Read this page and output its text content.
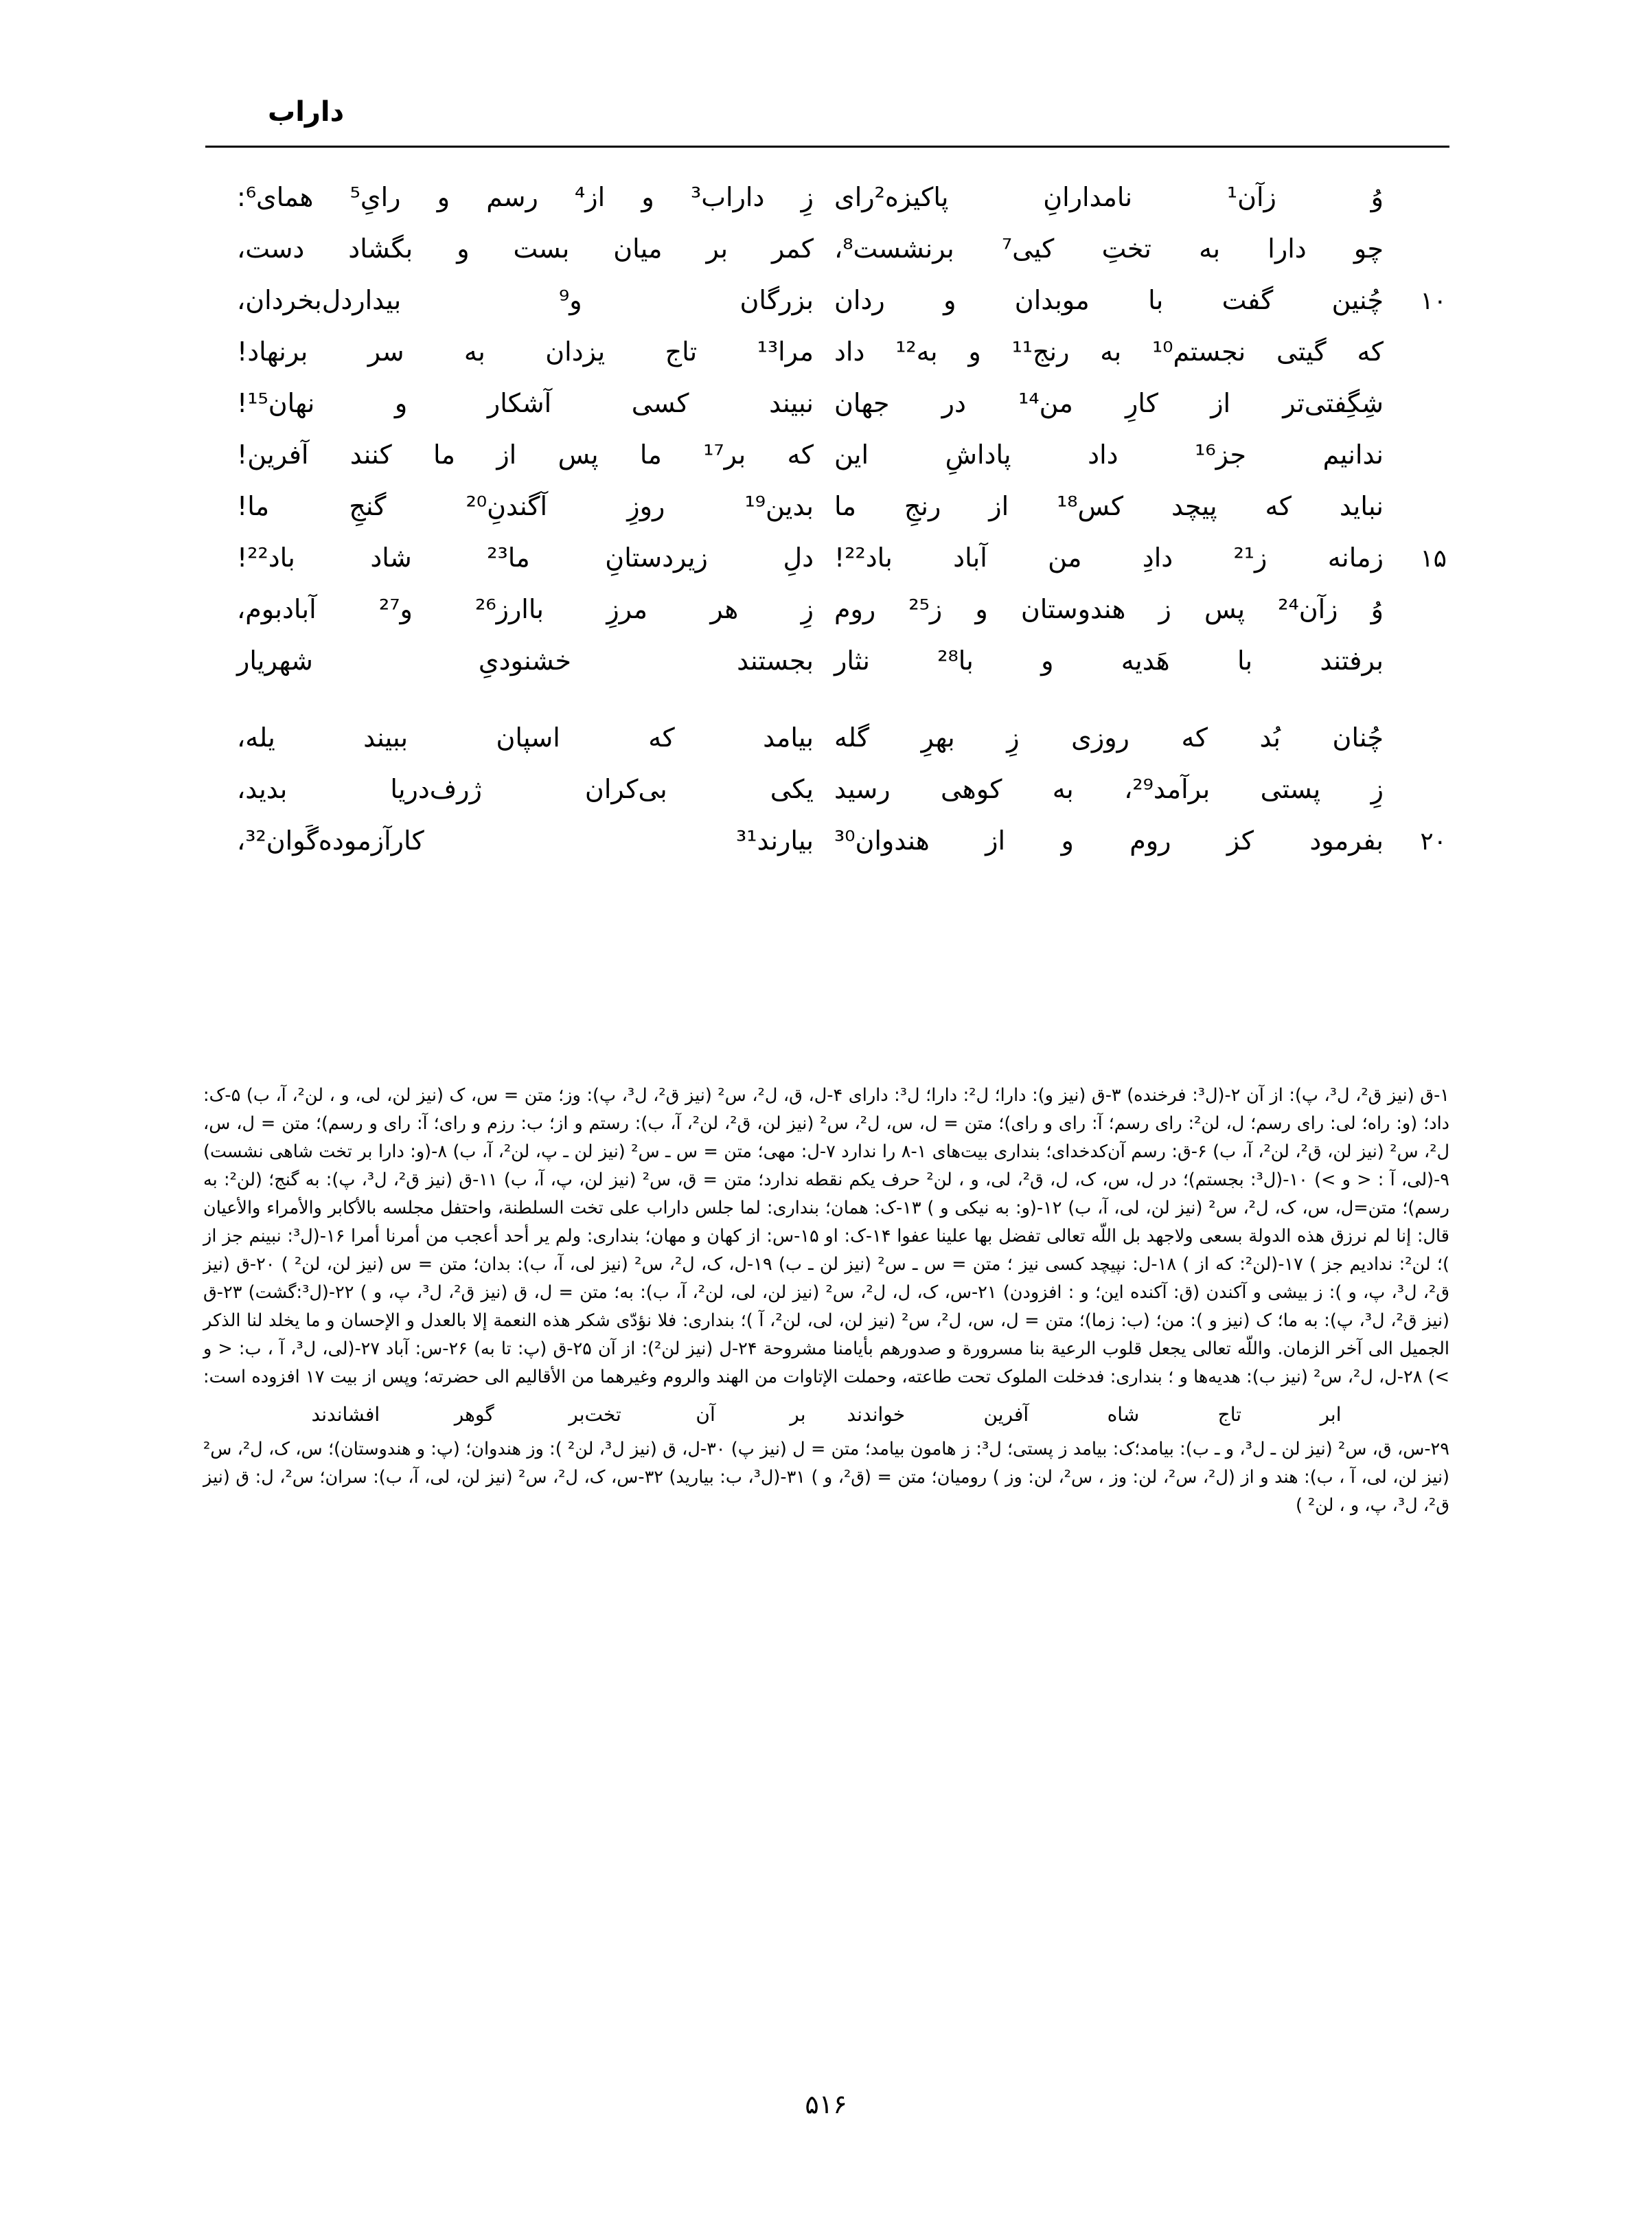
داراب
وُ زآن¹ نامدارانِ پاکیزه²رای
زِ داراب³ و از⁴ رسم و رایِ⁵ همای⁶:
چو دارا به تختِ کیی⁷ برنشست⁸،
کمر بر میان بست و بگشاد دست،
۱۰
چُنین گفت با موبدان و ردان
بزرگان و⁹ بیداردل‌بخردان،
که گیتی نجستم¹⁰ به رنج¹¹ و به¹² داد
مرا¹³ تاج یزدان به سر برنهاد!
شِگِفتی‌تر از کارِ من¹⁴ در جهان
نبیند کسی آشکار و نهان¹⁵!
ندانیم جز¹⁶ داد پاداشِ این
که بر¹⁷ ما پس از ما کنند آفرین!
نباید که پیچد کس¹⁸ از رنجِ ما
بدین¹⁹ روزِ آگندنِ²⁰ گنجِ ما!
۱۵
زمانه ز²¹ دادِ من آباد باد²²!
دلِ زیردستانِ ما²³ شاد باد²²!
وُ زآن²⁴ پس ز هندوستان و ز²⁵ روم
زِ هر مرزِ باارز²⁶ و²⁷ آبادبوم،
برفتند با هَدیه و با²⁸ نثار
بجستند خشنودیِ شهریار
چُنان بُد که روزی زِ بهرِ گله
بیامد که اسپان ببیند یله،
زِ پستی برآمد²⁹، به کوهی رسید
یکی بی‌کران ژرف‌دریا بدید،
۲۰
بفرمود کز روم و از هندوان³⁰
بیارند³¹ کارآزموده‌گَوان³²،

۱-ق (نیز ق²، ل³، پ): از آن ۲-(ل³: فرخنده) ۳-ق (نیز و): دارا؛ ل²: دارا؛ ل³: دارای ۴-ل، ق، ل²، س² (نیز ق²، ل³، پ): وز؛ متن = س، ک (نیز لن، لی، و ، لن²، آ، ب) ۵-ک: داد؛ (و: راه؛ لی: رای رسم؛ ل، لن²: رای رسم؛ آ: رای و رای)؛ متن = ل، س، ل²، س² (نیز لن، ق²، لن²، آ، ب): رستم و از؛ ب: رزم و رای؛ آ: رای و رسم)؛ متن = ل، س، ل²، س² (نیز لن، ق²، لن²، آ، ب) ۶-ق: رسم آن‌کدخدای؛ بنداری بیت‌های ۱-۸ را ندارد ۷-ل: مهی؛ متن = س ـ س² (نیز لن ـ پ، لن²، آ، ب) ۸-(و: دارا بر تخت شاهی نشست) ۹-(لی، آ : < و >) ۱۰-(ل³: بجستم)؛ در ل، س، ک، ل، ق²، لی، و ، لن² حرف یکم نقطه ندارد؛ متن = ق، س² (نیز لن، پ، آ، ب) ۱۱-ق (نیز ق²، ل³، پ): به گنج؛ (لن²: به رسم)؛ متن=ل، س، ک، ل²، س² (نیز لن، لی، آ، ب) ۱۲-(و: به نیکی و ) ۱۳-ک: همان؛ بنداری: لما جلس داراب علی تخت السلطنة، واحتفل مجلسه بالأکابر والأمراء والأعیان قال: إنا لم نرزق هذه الدولة بسعی ولاجهد بل اللّه تعالی تفضل بها علینا عفوا ۱۴-ک: او ۱۵-س: از کهان و مهان؛ بنداری: ولم یر أحد أعجب من أمرنا أمرا ۱۶-(ل³: نبینم جز از )؛ لن²: ندادیم جز ) ۱۷-(لن²: که از ) ۱۸-ل: نپیچد کسی نیز ؛ متن = س ـ س² (نیز لن ـ ب) ۱۹-ل، ک، ل²، س² (نیز لی، آ، ب): بدان؛ متن = س (نیز لن، لن² ) ۲۰-ق (نیز ق²، ل³، پ، و ): ز بیشی و آکندن (ق: آکنده این؛ و : افزودن) ۲۱-س، ک، ل، ل²، س² (نیز لن، لی، لن²، آ، ب): به؛ متن = ل، ق (نیز ق²، ل³، پ، و ) ۲۲-(ل³:گشت) ۲۳-ق (نیز ق²، ل³، پ): به ما؛ ک (نیز و ): من؛ (ب: زما)؛ متن = ل، س، ل²، س² (نیز لن، لی، لن²، آ )؛ بنداری: فلا نؤدّی شکر هذه النعمة إلا بالعدل و الإحسان و ما یخلد لنا الذکر الجمیل الی آخر الزمان. واللّه تعالی یجعل قلوب الرعیة بنا مسرورة و صدورهم بأیامنا مشروحة ۲۴-ل (نیز لن²): از آن ۲۵-ق (پ: تا به) ۲۶-س: آباد ۲۷-(لی، ل³، آ ، ب: < و >) ۲۸-ل، ل²، س² (نیز ب): هدیه‌ها و ؛ بنداری: فدخلت الملوک تحت طاعته، وحملت الإتاوات من الهند والروم وغیرهما من الأقالیم الی حضرته؛ وپس از بیت ۱۷ افزوده است:

ابر تاج شاه آفرین خواندند
بر آن تخت‌بر گوهر افشاندند

۲۹-س، ق، س² (نیز لن ـ ل³، و ـ ب): بیامد؛ک: بیامد ز پستی؛ ل³: ز هامون بیامد؛ متن = ل (نیز پ) ۳۰-ل، ق (نیز ل³، لن² ): وز هندوان؛ (پ: و هندوستان)؛ س، ک، ل²، س² (نیز لن، لی، آ ، ب): هند و از (ل²، س²، لن: وز ، س²، لن: وز ) رومیان؛ متن = (ق²، و ) ۳۱-(ل³، ب: بیارید) ۳۲-س، ک، ل²، س² (نیز لن، لی، آ، ب): سران؛ س²، ل: ق (نیز ق²، ل³، پ، و ، لن² )

۵۱۶
